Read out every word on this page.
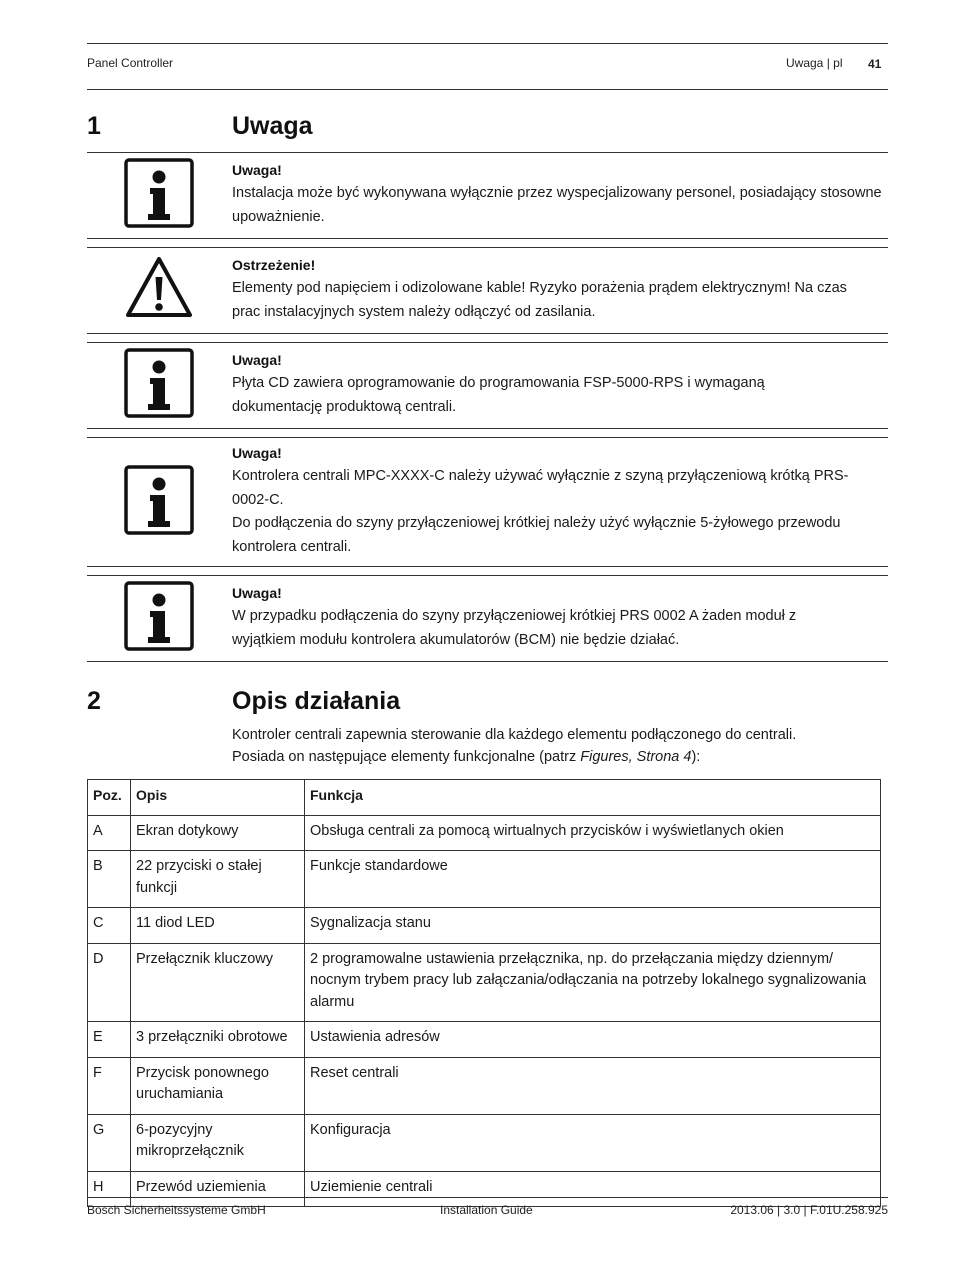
Panel Controller	Uwaga | pl 41
1	Uwaga
Uwaga!
Instalacja może być wykonywana wyłącznie przez wyspecjalizowany personel, posiadający stosowne upoważnienie.
Ostrzeżenie!
Elementy pod napięciem i odizolowane kable! Ryzyko porażenia prądem elektrycznym! Na czas prac instalacyjnych system należy odłączyć od zasilania.
Uwaga!
Płyta CD zawiera oprogramowanie do programowania FSP-5000-RPS i wymaganą dokumentację produktową centrali.
Uwaga!
Kontrolera centrali MPC-XXXX-C należy używać wyłącznie z szyną przyłączeniową krótką PRS-0002-C.
Do podłączenia do szyny przyłączeniowej krótkiej należy użyć wyłącznie 5-żyłowego przewodu kontrolera centrali.
Uwaga!
W przypadku podłączenia do szyny przyłączeniowej krótkiej PRS 0002 A żaden moduł z wyjątkiem modułu kontrolera akumulatorów (BCM) nie będzie działać.
2	Opis działania
Kontroler centrali zapewnia sterowanie dla każdego elementu podłączonego do centrali.
Posiada on następujące elementy funkcjonalne (patrz Figures, Strona 4):
Poz.	Opis	Funkcja
A	Ekran dotykowy	Obsługa centrali za pomocą wirtualnych przycisków i wyświetlanych okien
B	22 przyciski o stałej funkcji	Funkcje standardowe
C	11 diod LED	Sygnalizacja stanu
D	Przełącznik kluczowy	2 programowalne ustawienia przełącznika, np. do przełączania między dziennym/ nocnym trybem pracy lub załączania/odłączania na potrzeby lokalnego sygnalizowania alarmu
E	3 przełączniki obrotowe	Ustawienia adresów
F	Przycisk ponownego uruchamiania	Reset centrali
G	6-pozycyjny mikroprzełącznik	Konfiguracja
H	Przewód uziemienia	Uziemienie centrali
Bosch Sicherheitssysteme GmbH	Installation Guide	2013.06 | 3.0 | F.01U.258.925
